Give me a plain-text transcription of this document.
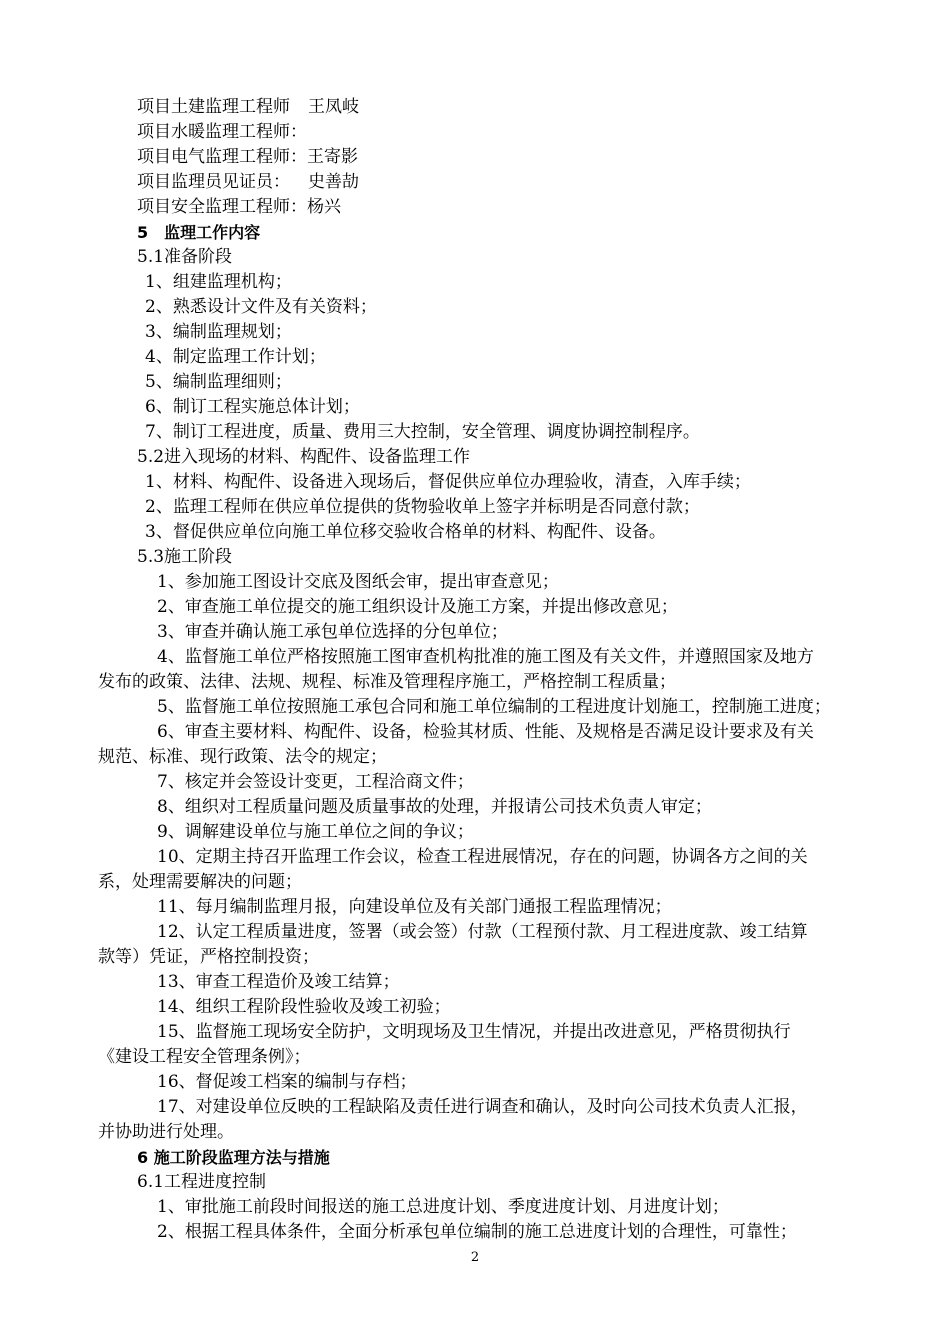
项目土建监理工程师 王凤岐
项目水暖监理工程师：
项目电气监理工程师：王寄影
项目监理员见证员： 史善劼
项目安全监理工程师：杨兴
5　监理工作内容
5.1准备阶段
1、组建监理机构；
2、熟悉设计文件及有关资料；
3、编制监理规划；
4、制定监理工作计划；
5、编制监理细则；
6、制订工程实施总体计划；
7、制订工程进度，质量、费用三大控制，安全管理、调度协调控制程序。
5.2进入现场的材料、构配件、设备监理工作
1、材料、构配件、设备进入现场后，督促供应单位办理验收，清查，入库手续；
2、监理工程师在供应单位提供的货物验收单上签字并标明是否同意付款；
3、督促供应单位向施工单位移交验收合格单的材料、构配件、设备。
5.3施工阶段
1、参加施工图设计交底及图纸会审，提出审查意见；
2、审查施工单位提交的施工组织设计及施工方案，并提出修改意见；
3、审查并确认施工承包单位选择的分包单位；
4、监督施工单位严格按照施工图审查机构批准的施工图及有关文件，并遵照国家及地方
发布的政策、法律、法规、规程、标准及管理程序施工，严格控制工程质量；
5、监督施工单位按照施工承包合同和施工单位编制的工程进度计划施工，控制施工进度；
6、审查主要材料、构配件、设备，检验其材质、性能、及规格是否满足设计要求及有关
规范、标准、现行政策、法令的规定；
7、核定并会签设计变更，工程洽商文件；
8、组织对工程质量问题及质量事故的处理，并报请公司技术负责人审定；
9、调解建设单位与施工单位之间的争议；
10、定期主持召开监理工作会议，检查工程进展情况，存在的问题，协调各方之间的关
系，处理需要解决的问题；
11、每月编制监理月报，向建设单位及有关部门通报工程监理情况；
12、认定工程质量进度，签署（或会签）付款（工程预付款、月工程进度款、竣工结算
款等）凭证，严格控制投资；
13、审查工程造价及竣工结算；
14、组织工程阶段性验收及竣工初验；
15、监督施工现场安全防护，文明现场及卫生情况，并提出改进意见，严格贯彻执行
《建设工程安全管理条例》；
16、督促竣工档案的编制与存档；
17、对建设单位反映的工程缺陷及责任进行调查和确认，及时向公司技术负责人汇报，
并协助进行处理。
6 施工阶段监理方法与措施
6.1工程进度控制
1、审批施工前段时间报送的施工总进度计划、季度进度计划、月进度计划；
2、根据工程具体条件，全面分析承包单位编制的施工总进度计划的合理性，可靠性；
2
